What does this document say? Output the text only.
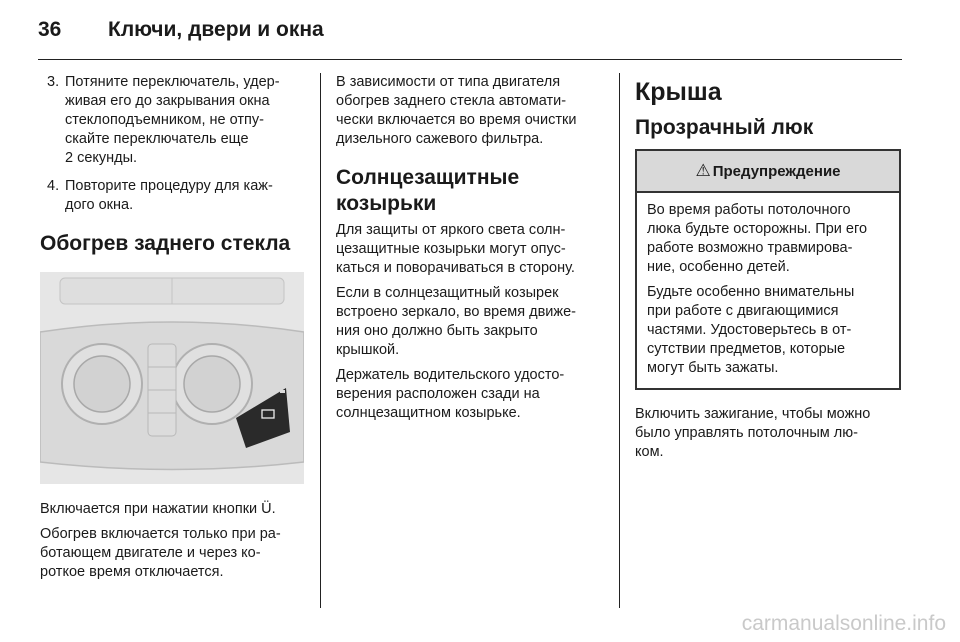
36 Ключи, двери и окна
3. Потяните переключатель, удер-
живая его до закрывания окна
стеклоподъемником, не отпу-
скайте переключатель еще
2 секунды.
4. Повторите процедуру для каж-
дого окна.
Обогрев заднего стекла

Включается при нажатии кнопки Ü.

Обогрев включается только при ра-
ботающем двигателе и через ко-
роткое время отключается.

В зависимости от типа двигателя
обогрев заднего стекла автомати-
чески включается во время очистки
дизельного сажевого фильтра.

Солнцезащитные
козырьки

Для защиты от яркого света солн-
цезащитные козырьки могут опус-
каться и поворачиваться в сторону.

Если в солнцезащитный козырек
встроено зеркало, во время движе-
ния оно должно быть закрыто
крышкой.

Держатель водительского удосто-
верения расположен сзади на
солнцезащитном козырьке.

Крыша
Прозрачный люк
⚠ Предупреждение

Во время работы потолочного
люка будьте осторожны. При его
работе возможно травмирова-
ние, особенно детей.

Будьте особенно внимательны
при работе с двигающимися
частями. Удостоверьтесь в от-
сутствии предметов, которые
могут быть зажаты.

Включить зажигание, чтобы можно
было управлять потолочным лю-
ком.

carmanualsonline.info
